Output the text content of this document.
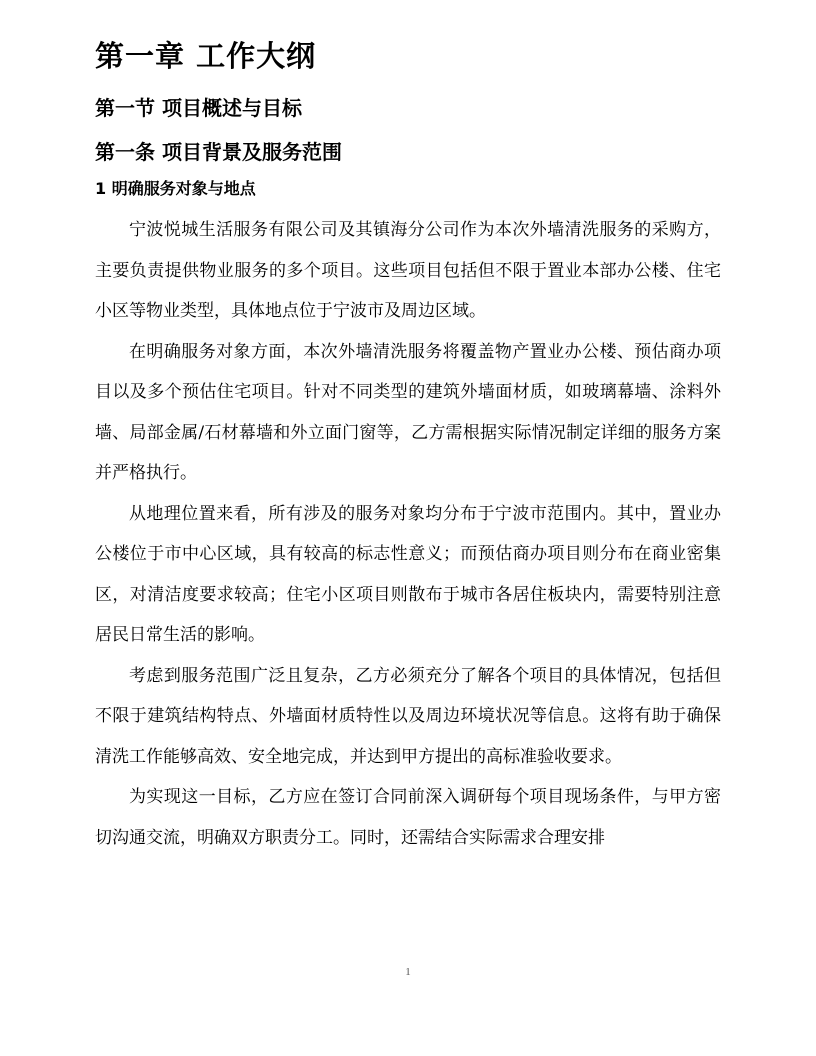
第一章 工作大纲
第一节 项目概述与目标
第一条 项目背景及服务范围
1 明确服务对象与地点

宁波悦城生活服务有限公司及其镇海分公司作为本次外墙清洗服务的采购方，主要负责提供物业服务的多个项目。这些项目包括但不限于置业本部办公楼、住宅小区等物业类型，具体地点位于宁波市及周边区域。

在明确服务对象方面，本次外墙清洗服务将覆盖物产置业办公楼、预估商办项目以及多个预估住宅项目。针对不同类型的建筑外墙面材质，如玻璃幕墙、涂料外墙、局部金属/石材幕墙和外立面门窗等，乙方需根据实际情况制定详细的服务方案并严格执行。

从地理位置来看，所有涉及的服务对象均分布于宁波市范围内。其中，置业办公楼位于市中心区域，具有较高的标志性意义；而预估商办项目则分布在商业密集区，对清洁度要求较高；住宅小区项目则散布于城市各居住板块内，需要特别注意居民日常生活的影响。

考虑到服务范围广泛且复杂，乙方必须充分了解各个项目的具体情况，包括但不限于建筑结构特点、外墙面材质特性以及周边环境状况等信息。这将有助于确保清洗工作能够高效、安全地完成，并达到甲方提出的高标准验收要求。

为实现这一目标，乙方应在签订合同前深入调研每个项目现场条件，与甲方密切沟通交流，明确双方职责分工。同时，还需结合实际需求合理安排

1
